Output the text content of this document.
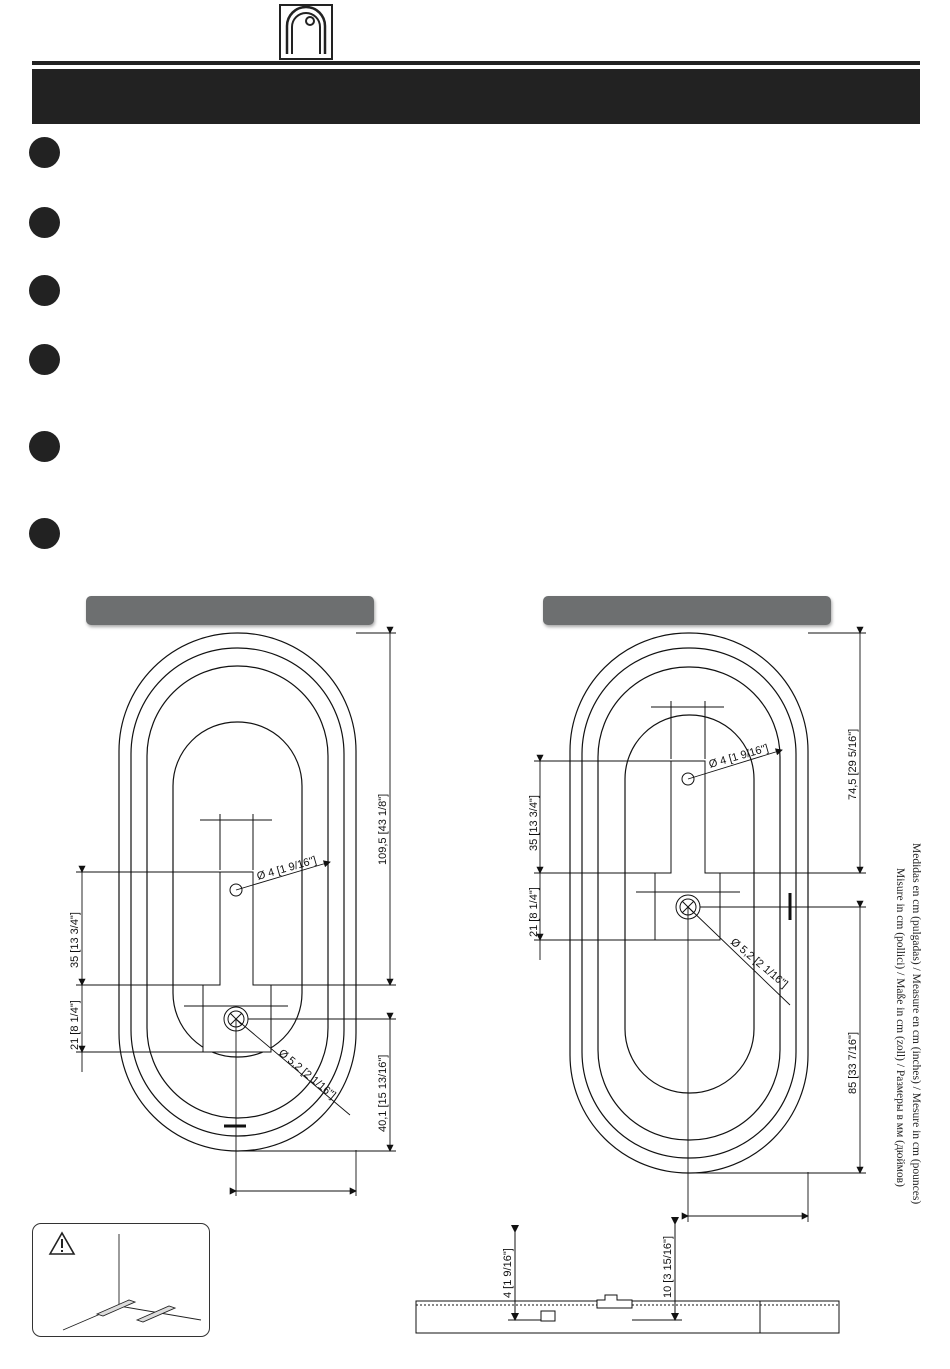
Ø 4 [1 9/16"]
Ø 5,2 [2 1/16"]
35 [13 3/4"]
21 [8 1/4"]
109,5 [43 1/8"]
40,1 [15 13/16"]
Ø 4 [1 9/16"]
Ø 5,2 [2 1/16"]
35 [13 3/4"]
21 [8 1/4"]
74,5 [29 5/16"]
85 [33 7/16"]
4 [1 9/16"]	10 [3 15/16"]
Medidas en cm (pulgadas) / Measure en cm (inches) / Mesure in cm (pounces)
Misure in cm (pollici) / Maße in cm (zoll) / Размеры в мм (дюймов)
